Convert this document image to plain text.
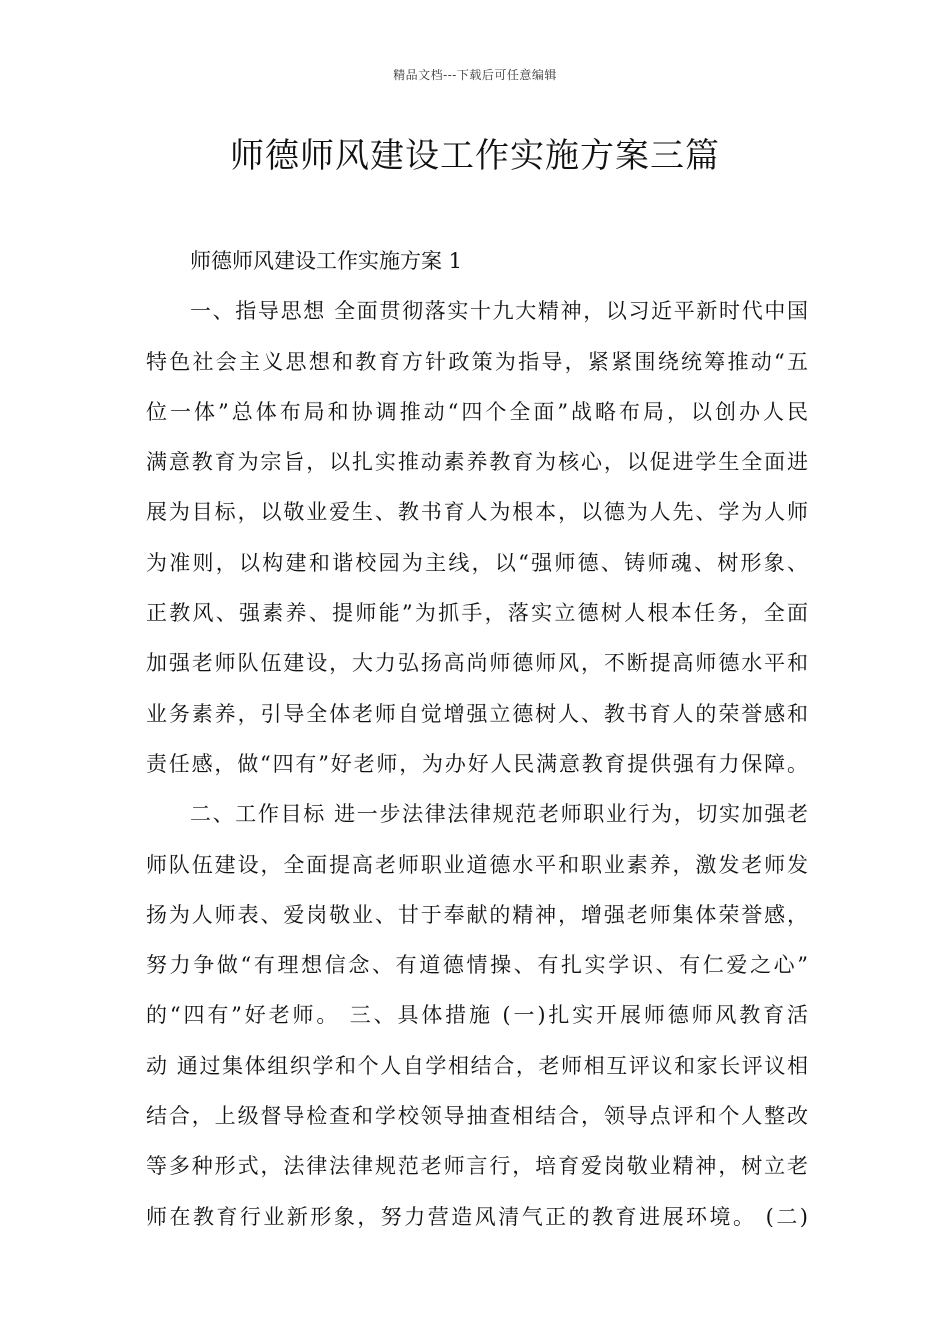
精品文档---下载后可任意编辑
师德师风建设工作实施方案三篇
师德师风建设工作实施方案 1
一、指导思想 全面贯彻落实十九大精神，以习近平新时代中国
特色社会主义思想和教育方针政策为指导，紧紧围绕统筹推动“五
位一体”总体布局和协调推动“四个全面”战略布局，以创办人民
满意教育为宗旨，以扎实推动素养教育为核心，以促进学生全面进
展为目标，以敬业爱生、教书育人为根本，以德为人先、学为人师
为准则，以构建和谐校园为主线，以“强师德、铸师魂、树形象、
正教风、强素养、提师能”为抓手，落实立德树人根本任务，全面
加强老师队伍建设，大力弘扬高尚师德师风，不断提高师德水平和
业务素养，引导全体老师自觉增强立德树人、教书育人的荣誉感和
责任感，做“四有”好老师，为办好人民满意教育提供强有力保障。
二、工作目标 进一步法律法律规范老师职业行为，切实加强老
师队伍建设，全面提高老师职业道德水平和职业素养，激发老师发
扬为人师表、爱岗敬业、甘于奉献的精神，增强老师集体荣誉感，
努力争做“有理想信念、有道德情操、有扎实学识、有仁爱之心”
的“四有”好老师。 三、具体措施 (一)扎实开展师德师风教育活
动 通过集体组织学和个人自学相结合，老师相互评议和家长评议相
结合，上级督导检查和学校领导抽查相结合，领导点评和个人整改
等多种形式，法律法律规范老师言行，培育爱岗敬业精神，树立老
师在教育行业新形象，努力营造风清气正的教育进展环境。 (二)
